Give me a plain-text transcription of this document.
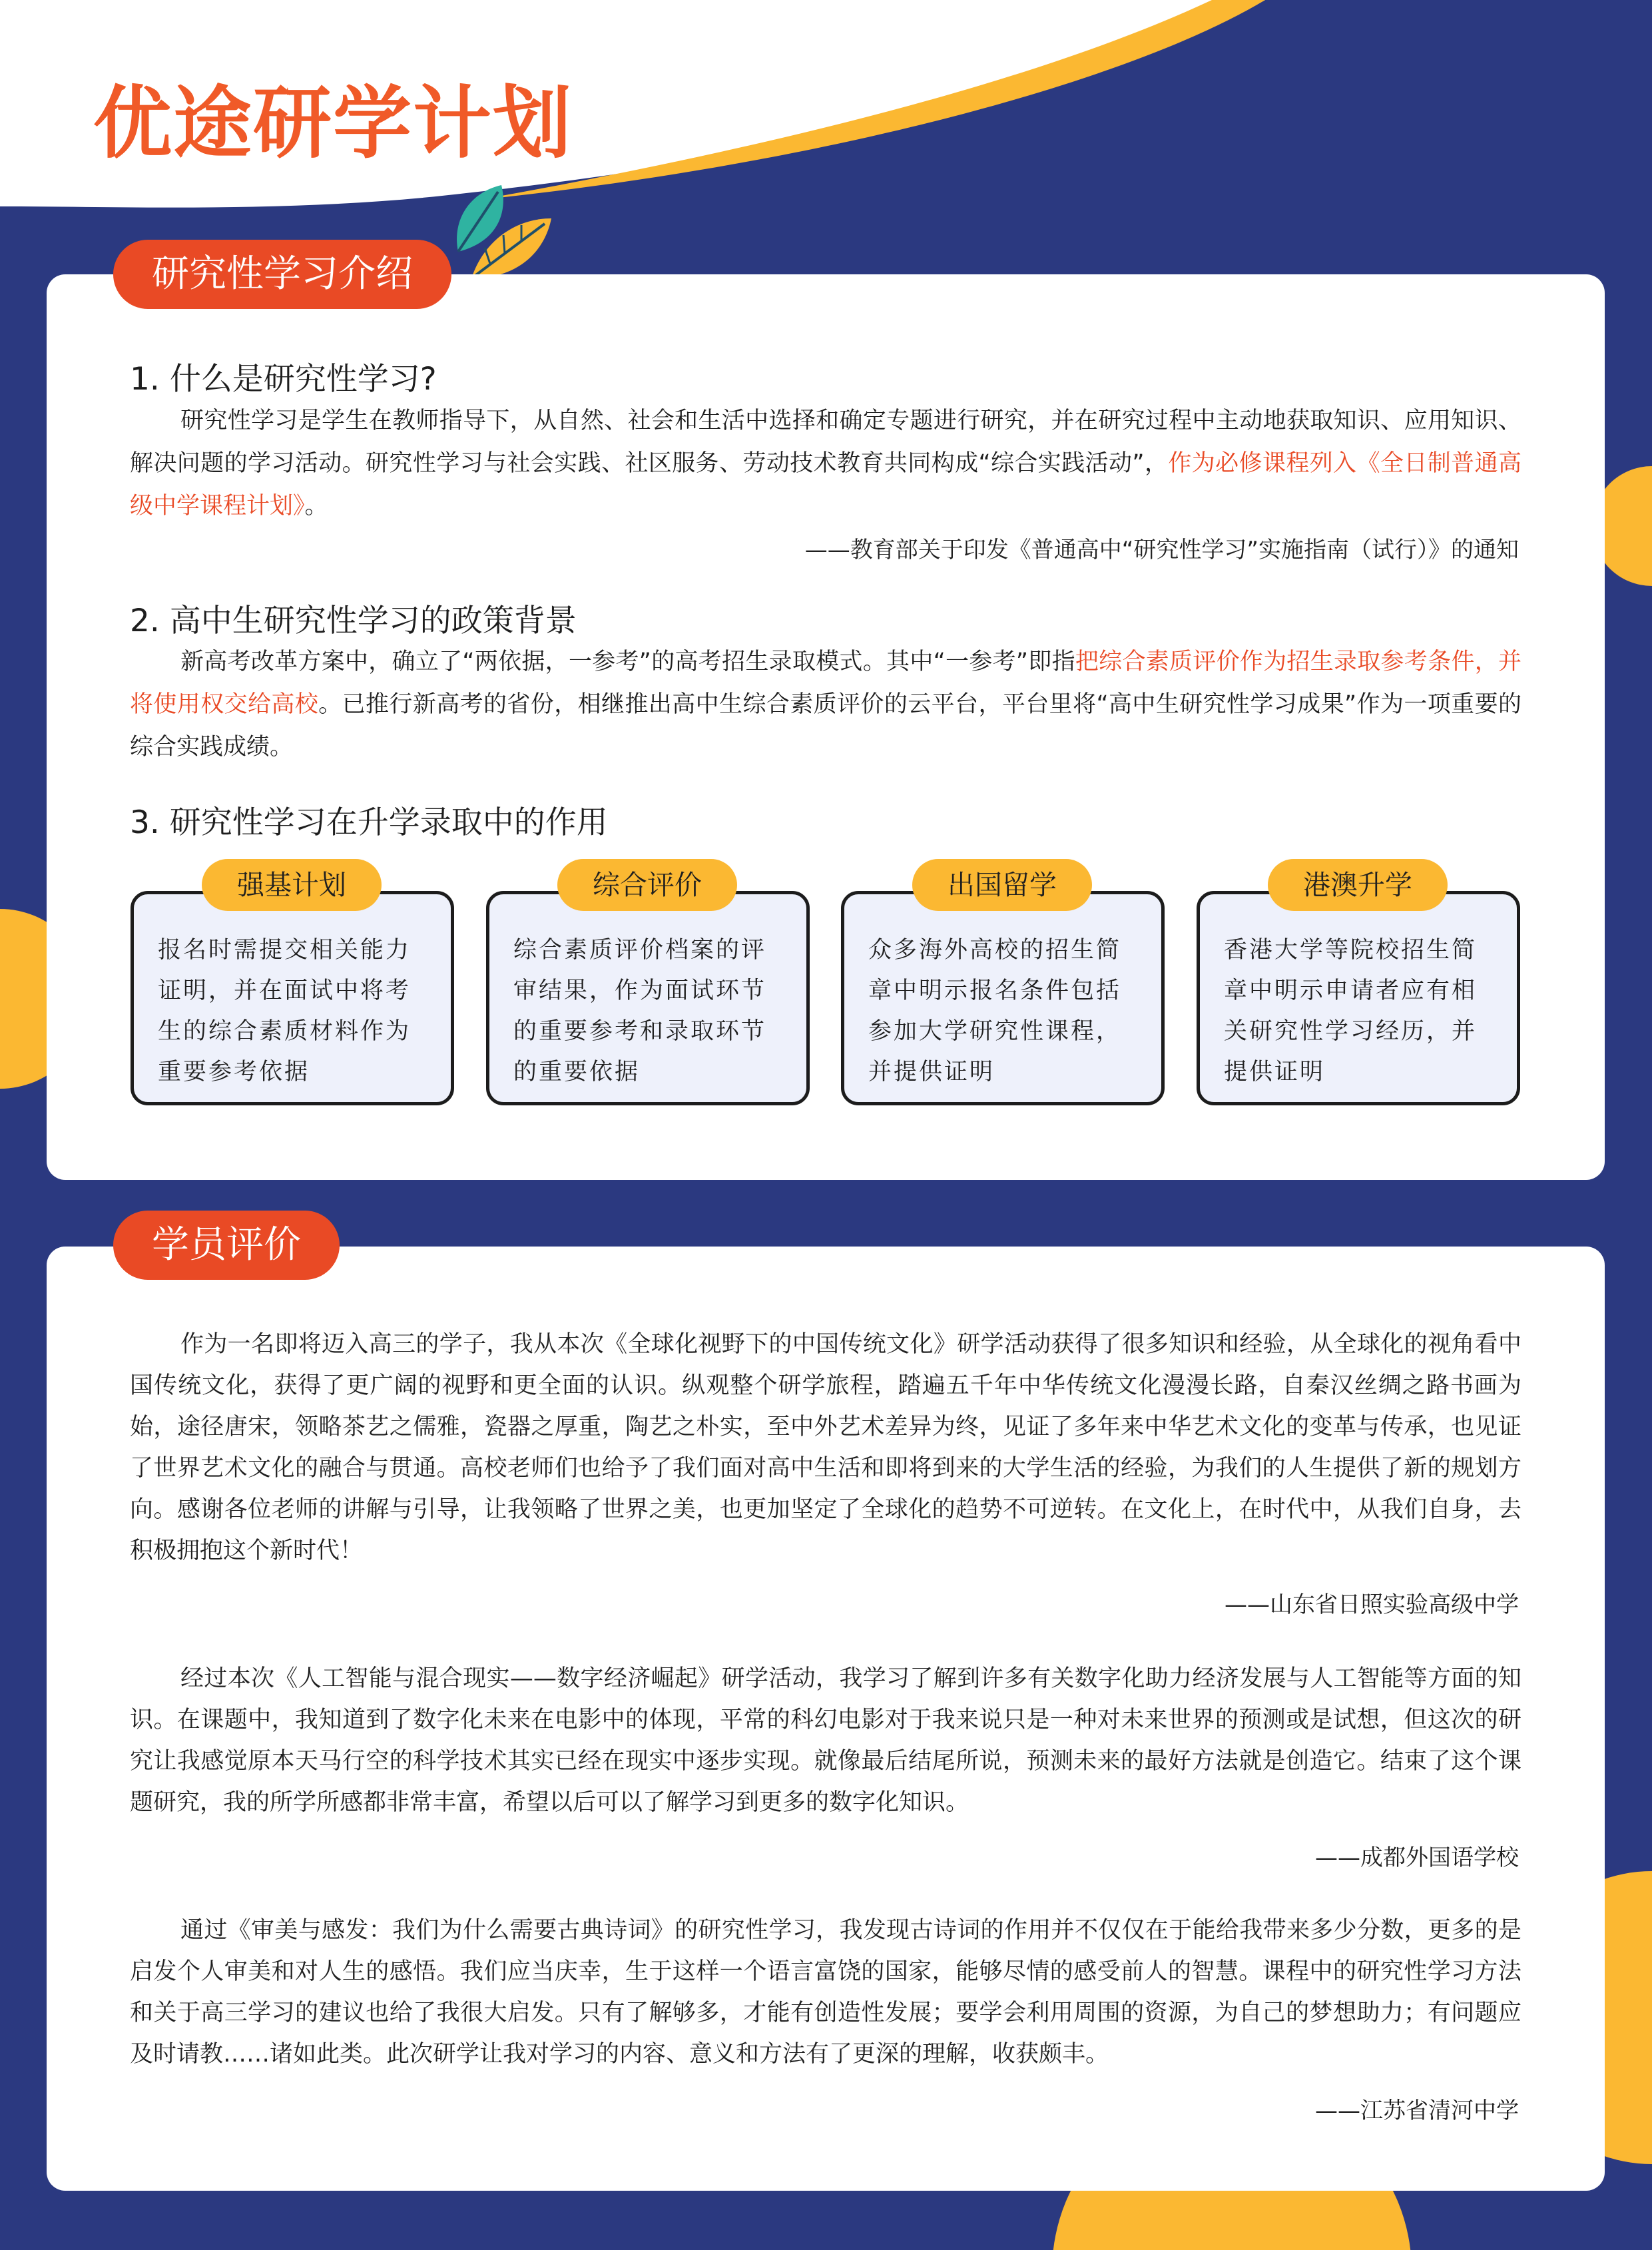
优途研学计划
研究性学习介绍
1. 什么是研究性学习?
研究性学习是学生在教师指导下，从自然、社会和生活中选择和确定专题进行研究，并在研究过程中主动地获取知识、应用知识、解决问题的学习活动。研究性学习与社会实践、社区服务、劳动技术教育共同构成“综合实践活动”，作为必修课程列入《全日制普通高级中学课程计划》。
——教育部关于印发《普通高中“研究性学习”实施指南（试行）》的通知
2. 高中生研究性学习的政策背景
新高考改革方案中，确立了“两依据，一参考”的高考招生录取模式。其中“一参考”即指把综合素质评价作为招生录取参考条件，并将使用权交给高校。已推行新高考的省份，相继推出高中生综合素质评价的云平台，平台里将“高中生研究性学习成果”作为一项重要的综合实践成绩。
3. 研究性学习在升学录取中的作用
报名时需提交相关能力证明，并在面试中将考生的综合素质材料作为重要参考依据
强基计划
综合素质评价档案的评审结果，作为面试环节的重要参考和录取环节的重要依据
综合评价
众多海外高校的招生简章中明示报名条件包括参加大学研究性课程，并提供证明
出国留学
香港大学等院校招生简章中明示申请者应有相关研究性学习经历，并提供证明
港澳升学
学员评价
作为一名即将迈入高三的学子，我从本次《全球化视野下的中国传统文化》研学活动获得了很多知识和经验，从全球化的视角看中国传统文化，获得了更广阔的视野和更全面的认识。纵观整个研学旅程，踏遍五千年中华传统文化漫漫长路，自秦汉丝绸之路书画为始，途径唐宋，领略茶艺之儒雅，瓷器之厚重，陶艺之朴实，至中外艺术差异为终，见证了多年来中华艺术文化的变革与传承，也见证了世界艺术文化的融合与贯通。高校老师们也给予了我们面对高中生活和即将到来的大学生活的经验，为我们的人生提供了新的规划方向。感谢各位老师的讲解与引导，让我领略了世界之美，也更加坚定了全球化的趋势不可逆转。在文化上，在时代中，从我们自身，去积极拥抱这个新时代！
——山东省日照实验高级中学
经过本次《人工智能与混合现实——数字经济崛起》研学活动，我学习了解到许多有关数字化助力经济发展与人工智能等方面的知识。在课题中，我知道到了数字化未来在电影中的体现，平常的科幻电影对于我来说只是一种对未来世界的预测或是试想，但这次的研究让我感觉原本天马行空的科学技术其实已经在现实中逐步实现。就像最后结尾所说，预测未来的最好方法就是创造它。结束了这个课题研究，我的所学所感都非常丰富，希望以后可以了解学习到更多的数字化知识。
——成都外国语学校
通过《审美与感发：我们为什么需要古典诗词》的研究性学习，我发现古诗词的作用并不仅仅在于能给我带来多少分数，更多的是启发个人审美和对人生的感悟。我们应当庆幸，生于这样一个语言富饶的国家，能够尽情的感受前人的智慧。课程中的研究性学习方法和关于高三学习的建议也给了我很大启发。只有了解够多，才能有创造性发展；要学会利用周围的资源，为自己的梦想助力；有问题应及时请教……诸如此类。此次研学让我对学习的内容、意义和方法有了更深的理解，收获颇丰。
——江苏省清河中学
